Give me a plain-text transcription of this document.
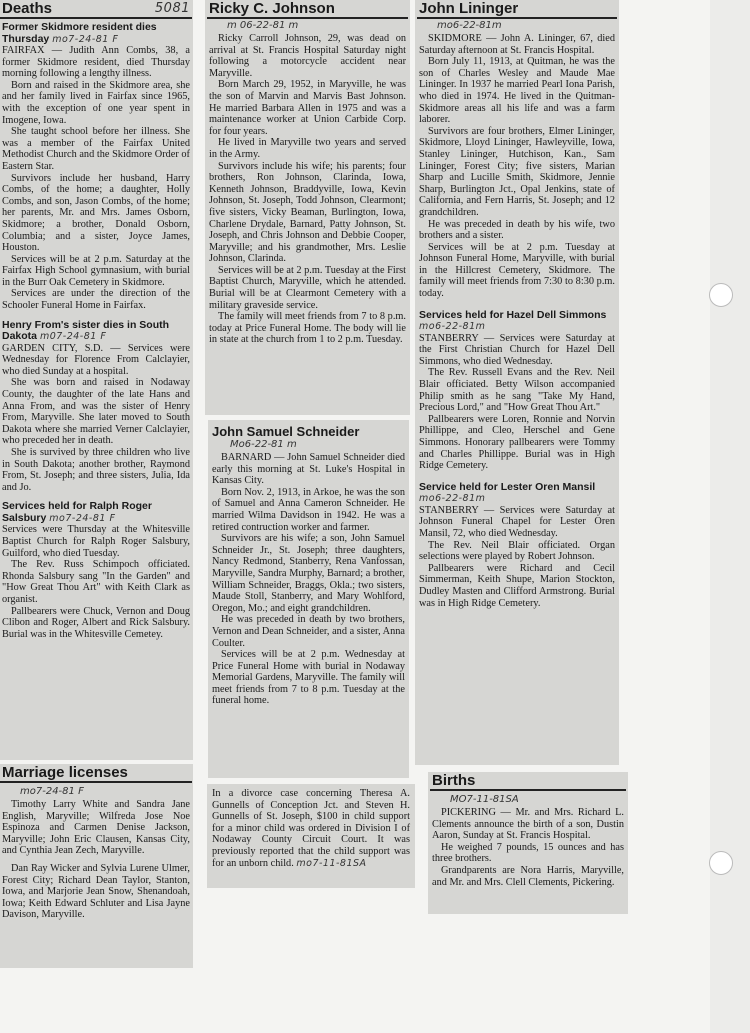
Deaths	5081
Former Skidmore resident dies Thursday mo7-24-81 F

FAIRFAX — Judith Ann Combs, 38, a former Skidmore resident, died Thursday morning following a lengthy illness.

Born and raised in the Skidmore area, she and her family lived in Fairfax since 1965, with the exception of one year spent in Imogene, Iowa.

She taught school before her illness. She was a member of the Fairfax United Methodist Church and the Skidmore Order of Eastern Star.

Survivors include her husband, Harry Combs, of the home; a daughter, Holly Combs, and son, Jason Combs, of the home; her parents, Mr. and Mrs. James Osborn, Skidmore; a brother, Donald Osborn, Columbia; and a sister, Joyce James, Houston.

Services will be at 2 p.m. Saturday at the Fairfax High School gymnasium, with burial in the Burr Oak Cemetery in Skidmore.

Services are under the direction of the Schooler Funeral Home in Fairfax.

Henry From's sister dies in South Dakota m07-24-81 F

GARDEN CITY, S.D. — Services were Wednesday for Florence From Calclayier, who died Sunday at a hospital.

She was born and raised in Nodaway County, the daughter of the late Hans and Anna From, and was the sister of Henry From, Maryville. She later moved to South Dakota where she married Verner Calclayier, who preceded her in death.

She is survived by three children who live in South Dakota; another brother, Raymond From, St. Joseph; and three sisters, Julia, Ida and Jo.

Services held for Ralph Roger Salsbury mo7-24-81 F

Services were Thursday at the Whitesville Baptist Church for Ralph Roger Salsbury, Guilford, who died Tuesday.

The Rev. Russ Schimpoch officiated. Rhonda Salsbury sang "In the Garden" and "How Great Thou Art" with Keith Clark as organist.

Pallbearers were Chuck, Vernon and Doug Clibon and Roger, Albert and Rick Salsbury. Burial was in the Whitesville Cemetey.

Marriage licenses
mo7-24-81 F

Timothy Larry White and Sandra Jane English, Maryville; Wilfreda Jose Noe Espinoza and Carmen Denise Jackson, Maryville; John Eric Clausen, Kansas City, and Cynthia Jean Zech, Maryville.

Dan Ray Wicker and Sylvia Lurene Ulmer, Forest City; Richard Dean Taylor, Stanton, Iowa, and Marjorie Jean Snow, Shenandoah, Iowa; Keith Edward Schluter and Lisa Jayne Davison, Maryville.

Ricky C. Johnson
m 06-22-81 m

Ricky Carroll Johnson, 29, was dead on arrival at St. Francis Hospital Saturday night following a motorcycle accident near Maryville.

Born March 29, 1952, in Maryville, he was the son of Marvin and Marvis Bast Johnson. He married Barbara Allen in 1975 and was a maintenance worker at Union Carbide Corp. for four years.

He lived in Maryville two years and served in the Army.

Survivors include his wife; his parents; four brothers, Ron Johnson, Clarinda, Iowa, Kenneth Johnson, Braddyville, Iowa, Kevin Johnson, St. Joseph, Todd Johnson, Clearmont; five sisters, Vicky Beaman, Burlington, Iowa, Charlene Drydale, Barnard, Patty Johnson, St. Joseph, and Chris Johnson and Debbie Cooper, Maryville; and his grandmother, Mrs. Leslie Johnson, Clarinda.

Services will be at 2 p.m. Tuesday at the First Baptist Church, Maryville, which he attended. Burial will be at Clearmont Cemetery with a military graveside service.

The family will meet friends from 7 to 8 p.m. today at Price Funeral Home. The body will lie in state at the church from 1 to 2 p.m. Tuesday.

John Samuel Schneider
Mo6-22-81 m

BARNARD — John Samuel Schneider died early this morning at St. Luke's Hospital in Kansas City.

Born Nov. 2, 1913, in Arkoe, he was the son of Samuel and Anna Cameron Schneider. He married Wilma Davidson in 1942. He was a retired contruction worker and farmer.

Survivors are his wife; a son, John Samuel Schneider Jr., St. Joseph; three daughters, Nancy Redmond, Stanberry, Rena Vanfossan, Maryville, Sandra Murphy, Barnard; a brother, William Schneider, Braggs, Okla.; two sisters, Maude Stoll, Stanberry, and Mary Wohlford, Oregon, Mo.; and eight grandchildren.

He was preceded in death by two brothers, Vernon and Dean Schneider, and a sister, Anna Coulter.

Services will be at 2 p.m. Wednesday at Price Funeral Home with burial in Nodaway Memorial Gardens, Maryville. The family will meet friends from 7 to 8 p.m. Tuesday at the funeral home.

In a divorce case concerning Theresa A. Gunnells of Conception Jct. and Steven H. Gunnells of St. Joseph, $100 in child support for a minor child was ordered in Division I of Nodaway County Circuit Court. It was previously reported that the child support was for an unborn child. mo7-11-81SA

John Lininger
mo6-22-81m

SKIDMORE — John A. Lininger, 67, died Saturday afternoon at St. Francis Hospital.

Born July 11, 1913, at Quitman, he was the son of Charles Wesley and Maude Mae Lininger. In 1937 he married Pearl Iona Parish, who died in 1974. He lived in the Quitman-Skidmore areas all his life and was a farm laborer.

Survivors are four brothers, Elmer Lininger, Skidmore, Lloyd Lininger, Hawleyville, Iowa, Stanley Lininger, Hutchison, Kan., Sam Lininger, Forest City; five sisters, Marian Sharp and Lucille Smith, Skidmore, Jennie Sharp, Burlington Jct., Opal Jenkins, state of California, and Fern Harris, St. Joseph; and 12 grandchildren.

He was preceded in death by his wife, two brothers and a sister.

Services will be at 2 p.m. Tuesday at Johnson Funeral Home, Maryville, with burial in the Hillcrest Cemetery, Skidmore. The family will meet friends from 7:30 to 8:30 p.m. today.

Services held for Hazel Dell Simmons mo6-22-81m

STANBERRY — Services were Saturday at the First Christian Church for Hazel Dell Simmons, who died Wednesday.

The Rev. Russell Evans and the Rev. Neil Blair officiated. Betty Wilson accompanied Philip smith as he sang "Take My Hand, Precious Lord," and "How Great Thou Art."

Pallbearers were Loren, Ronnie and Norvin Phillippe, and Cleo, Herschel and Gene Simmons. Honorary pallbearers were Tommy and Charles Phillippe. Burial was in High Ridge Cemetery.

Service held for Lester Oren Mansil mo6-22-81m

STANBERRY — Services were Saturday at Johnson Funeral Chapel for Lester Oren Mansil, 72, who died Wednesday.

The Rev. Neil Blair officiated. Organ selections were played by Robert Johnson.

Pallbearers were Richard and Cecil Simmerman, Keith Shupe, Marion Stockton, Dudley Masten and Clifford Armstrong. Burial was in High Ridge Cemetery.

Births
MO7-11-81SA

PICKERING — Mr. and Mrs. Richard L. Clements announce the birth of a son, Dustin Aaron, Sunday at St. Francis Hospital.

He weighed 7 pounds, 15 ounces and has three brothers.

Grandparents are Nora Harris, Maryville, and Mr. and Mrs. Clell Clements, Pickering.
